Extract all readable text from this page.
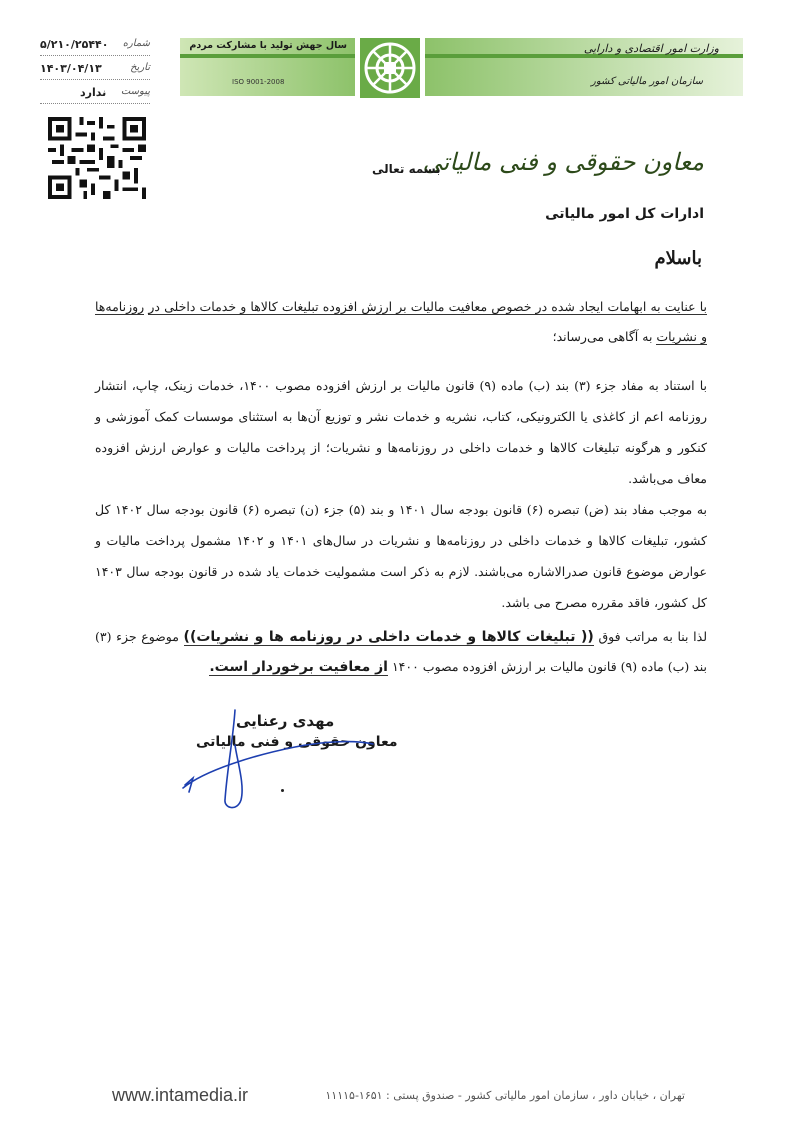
۵/۲۱۰/۲۵۴۴۰ شماره
۱۴۰۳/۰۴/۱۳	تاریخ
ندارد پیوست
سال جهش تولید با مشارکت مردم
ISO 9001-2008
وزارت امور اقتصادی و دارایی
سازمان امور مالیاتی کشور
معاون حقوقی و فنی مالیاتی
بسمه تعالی
ادارات کل امور مالیاتی
باسلام
با عنایت به ابهامات ایجاد شده در خصوص معافیت مالیات بر ارزش افزوده تبلیغات کالاها و خدمات داخلی در روزنامه‌ها و نشریات به آگاهی می‌رساند؛
با استناد به مفاد جزء (۳) بند (ب) ماده (۹) قانون مالیات بر ارزش افزوده مصوب ۱۴۰۰، خدمات زینک، چاپ، انتشار روزنامه اعم از کاغذی یا الکترونیکی، کتاب، نشریه و خدمات نشر و توزیع آن‌ها به استثنای موسسات کمک آموزشی و کنکور و هرگونه تبلیغات کالاها و خدمات داخلی در روزنامه‌ها و نشریات؛ از پرداخت مالیات و عوارض ارزش افزوده معاف می‌باشد.
به موجب مفاد بند (ض) تبصره (۶) قانون بودجه سال ۱۴۰۱ و بند (۵) جزء (ن) تبصره (۶) قانون بودجه سال ۱۴۰۲ کل کشور، تبلیغات کالاها و خدمات داخلی در روزنامه‌ها و نشریات در سال‌های ۱۴۰۱ و ۱۴۰۲ مشمول پرداخت مالیات و عوارض موضوع قانون صدرالاشاره می‌باشند. لازم به ذکر است مشمولیت خدمات یاد شده در قانون بودجه سال ۱۴۰۳ کل کشور، فاقد مقرره مصرح می باشد.
لذا بنا به مراتب فوق (( تبلیغات کالاها و خدمات داخلی در روزنامه ها و نشریات)) موضوع جزء (۳) بند (ب) ماده (۹) قانون مالیات بر ارزش افزوده مصوب ۱۴۰۰ از معافیت برخوردار است.
مهدی رعنایی
معاون حقوقی و فنی مالیاتی
www.intamedia.ir	تهران ، خیابان داور ، سازمان امور مالیاتی کشور - صندوق پستی : ۱۶۵۱-۱۱۱۱۵
